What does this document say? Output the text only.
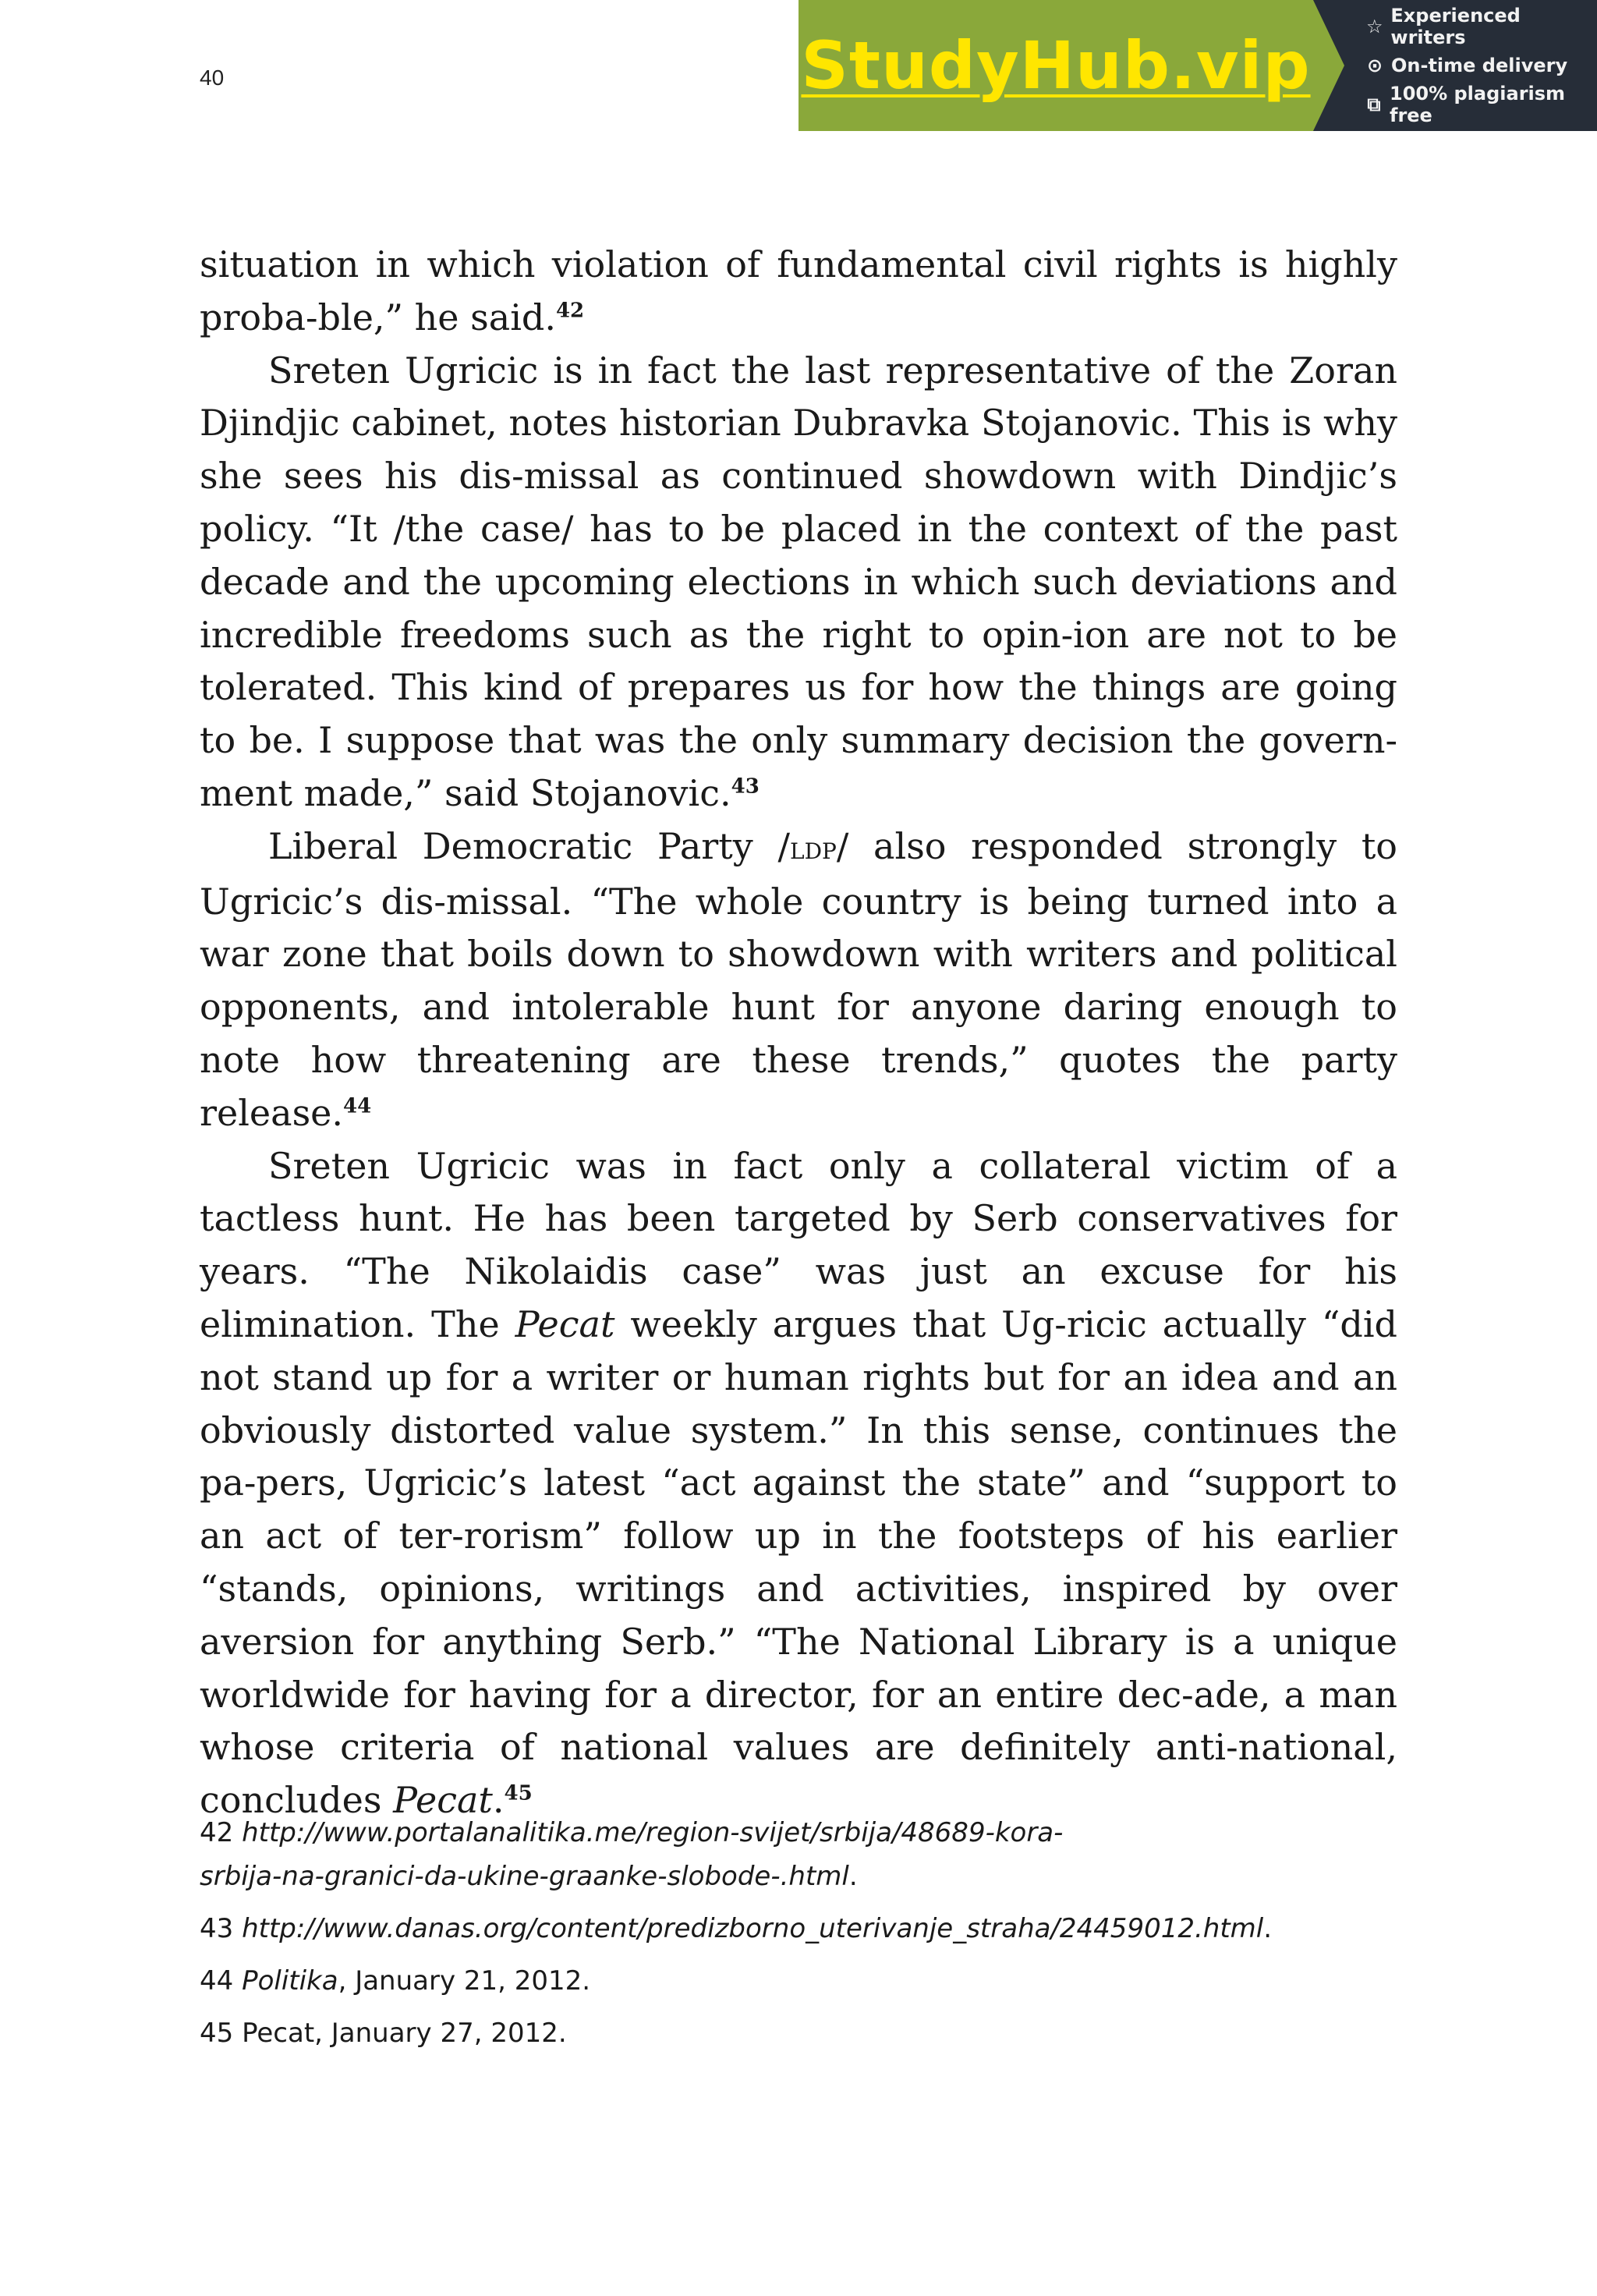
40	StudyHub.vip
☆ Experienced writers
⊙ On-time delivery
⧉ 100% plagiarism free

situation in which violation of fundamental civil rights is highly proba-ble,” he said.$^{42}$

Sreten Ugricic is in fact the last representative of the Zoran Djindjic cabinet, notes historian Dubravka Stojanovic. This is why she sees his dis-missal as continued showdown with Dindjic’s policy. “It /the case/ has to be placed in the context of the past decade and the upcoming elections in which such deviations and incredible freedoms such as the right to opin-ion are not to be tolerated. This kind of prepares us for how the things are going to be. I suppose that was the only summary decision the govern-ment made,” said Stojanovic.$^{43}$

Liberal Democratic Party /ldp/ also responded strongly to Ugricic’s dis-missal. “The whole country is being turned into a war zone that boils down to showdown with writers and political opponents, and intolerable hunt for anyone daring enough to note how threatening are these trends,” quotes the party release.$^{44}$

Sreten Ugricic was in fact only a collateral victim of a tactless hunt. He has been targeted by Serb conservatives for years. “The Nikolaidis case” was just an excuse for his elimination. The Pecat weekly argues that Ug-ricic actually “did not stand up for a writer or human rights but for an idea and an obviously distorted value system.” In this sense, continues the pa-pers, Ugricic’s latest “act against the state” and “support to an act of ter-rorism” follow up in the footsteps of his earlier “stands, opinions, writings and activities, inspired by over aversion for anything Serb.” “The National Library is a unique worldwide for having for a director, for an entire dec-ade, a man whose criteria of national values are definitely anti-national, concludes Pecat.$^{45}$

42 http://www.portalanalitika.me/region-svijet/srbija/48689-kora-
srbija-na-granici-da-ukine-graanke-slobode-.html.

43 http://www.danas.org/content/predizborno_uterivanje_straha/24459012.html.

44 Politika, January 21, 2012.

45 Pecat, January 27, 2012.
